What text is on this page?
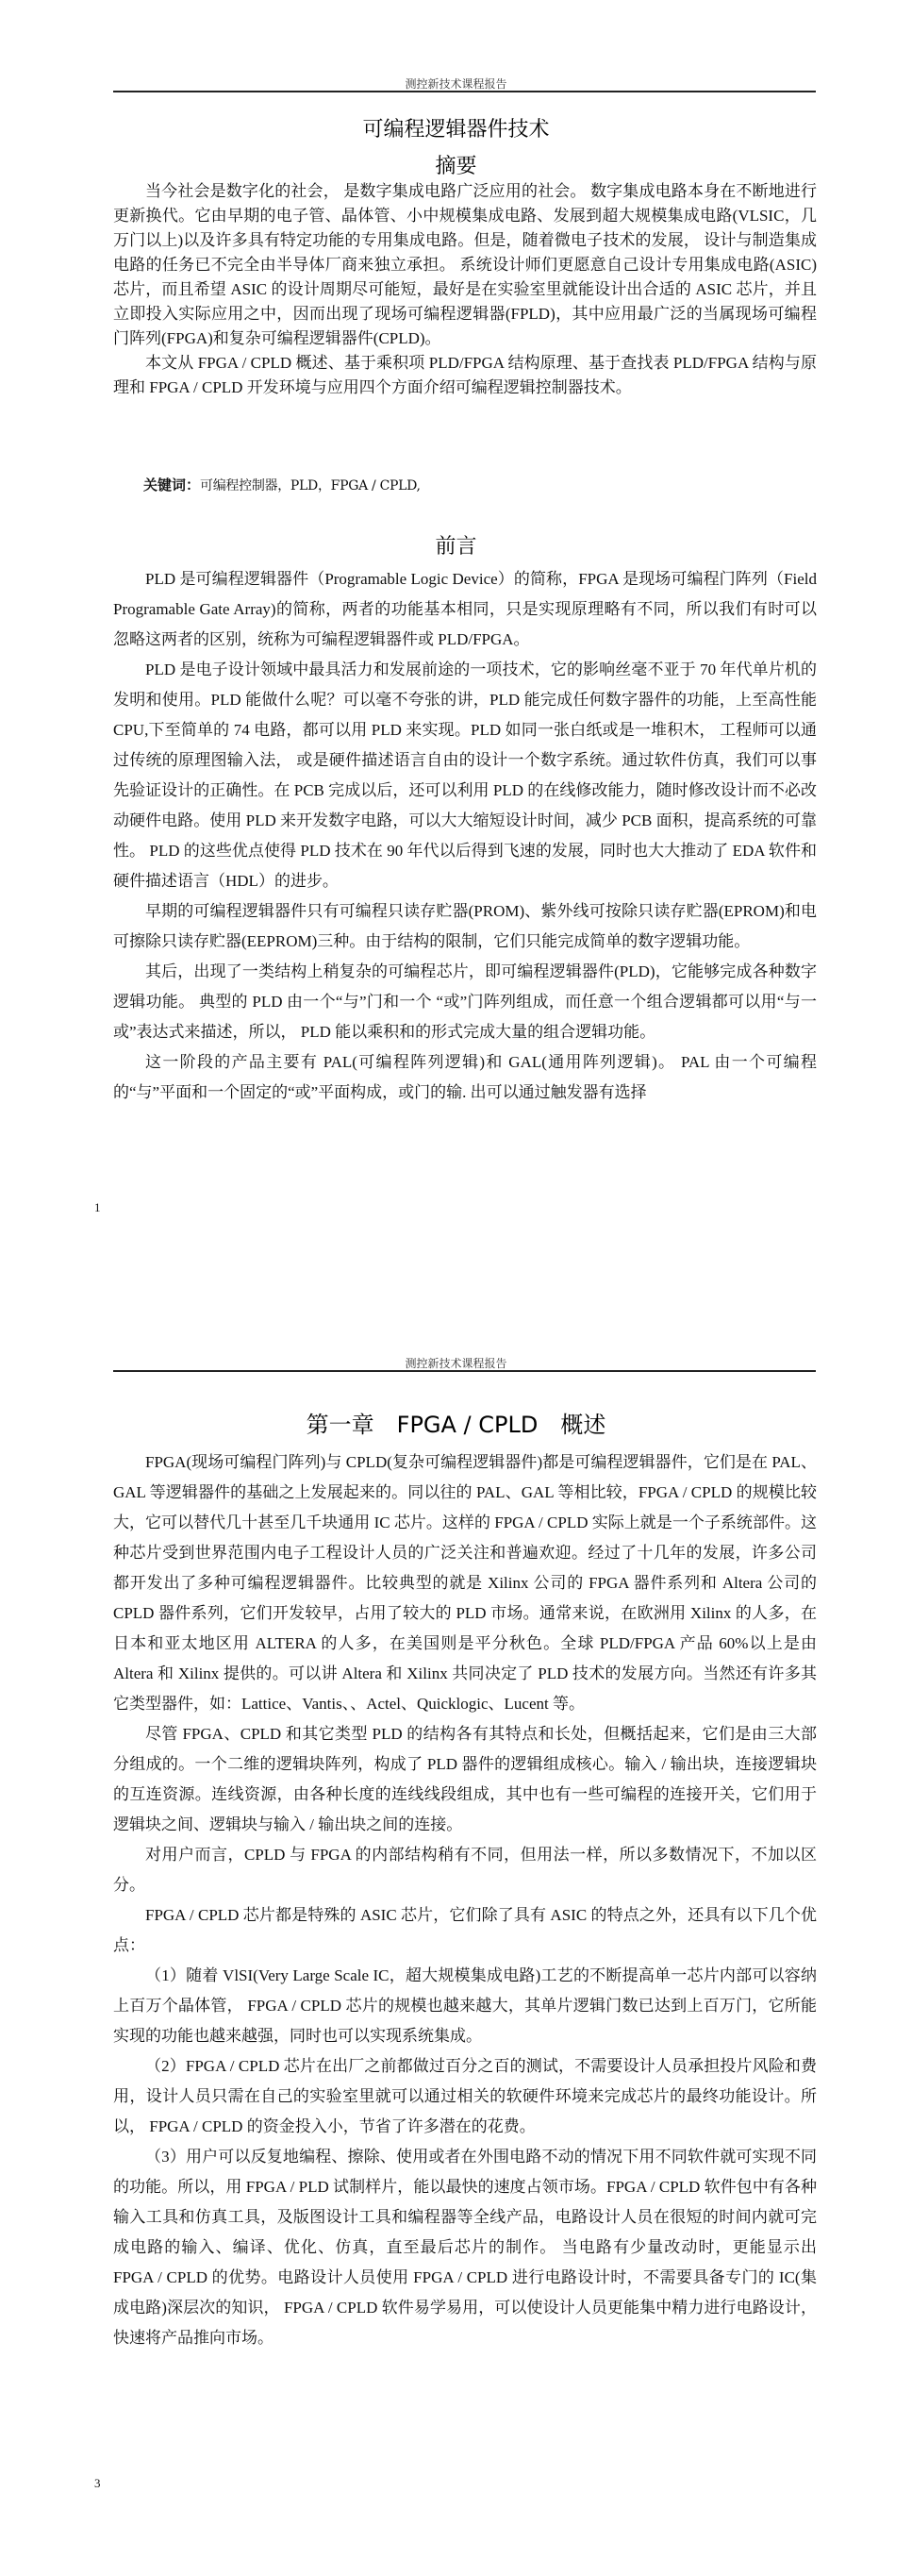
测控新技术课程报告
可编程逻辑器件技术
摘要

当今社会是数字化的社会， 是数字集成电路广泛应用的社会。 数字集成电路本身在不断地进行更新换代。它由早期的电子管、晶体管、小中规模集成电路、发展到超大规模集成电路(VLSIC，几万门以上)以及许多具有特定功能的专用集成电路。但是，随着微电子技术的发展， 设计与制造集成电路的任务已不完全由半导体厂商来独立承担。 系统设计师们更愿意自己设计专用集成电路(ASIC)芯片，而且希望 ASIC 的设计周期尽可能短，最好是在实验室里就能设计出合适的 ASIC 芯片，并且立即投入实际应用之中，因而出现了现场可编程逻辑器(FPLD)，其中应用最广泛的当属现场可编程门阵列(FPGA)和复杂可编程逻辑器件(CPLD)。

本文从 FPGA / CPLD 概述、基于乘积项 PLD/FPGA 结构原理、基于查找表 PLD/FPGA 结构与原理和 FPGA / CPLD 开发环境与应用四个方面介绍可编程逻辑控制器技术。

关键词：可编程控制器，PLD，FPGA / CPLD,
前言

PLD 是可编程逻辑器件（Programable Logic Device）的简称，FPGA 是现场可编程门阵列（Field Programable Gate Array)的简称，两者的功能基本相同，只是实现原理略有不同，所以我们有时可以忽略这两者的区别，统称为可编程逻辑器件或 PLD/FPGA。

PLD 是电子设计领域中最具活力和发展前途的一项技术，它的影响丝毫不亚于 70 年代单片机的发明和使用。PLD 能做什么呢？可以毫不夸张的讲，PLD 能完成任何数字器件的功能，上至高性能 CPU,下至简单的 74 电路，都可以用 PLD 来实现。PLD 如同一张白纸或是一堆积木， 工程师可以通过传统的原理图输入法， 或是硬件描述语言自由的设计一个数字系统。通过软件仿真，我们可以事先验证设计的正确性。在 PCB 完成以后，还可以利用 PLD 的在线修改能力，随时修改设计而不必改动硬件电路。使用 PLD 来开发数字电路，可以大大缩短设计时间，减少 PCB 面积，提高系统的可靠性。 PLD 的这些优点使得 PLD 技术在 90 年代以后得到飞速的发展，同时也大大推动了 EDA 软件和硬件描述语言（HDL）的进步。

早期的可编程逻辑器件只有可编程只读存贮器(PROM)、紫外线可按除只读存贮器(EPROM)和电可擦除只读存贮器(EEPROM)三种。由于结构的限制，它们只能完成简单的数字逻辑功能。

其后，出现了一类结构上稍复杂的可编程芯片，即可编程逻辑器件(PLD)，它能够完成各种数字逻辑功能。 典型的 PLD 由一个“与”门和一个 “或”门阵列组成，而任意一个组合逻辑都可以用“与一或”表达式来描述，所以， PLD 能以乘积和的形式完成大量的组合逻辑功能。

这一阶段的产品主要有 PAL(可编程阵列逻辑)和 GAL(通用阵列逻辑)。 PAL 由一个可编程的“与”平面和一个固定的“或”平面构成，或门的输. 出可以通过触发器有选择

1
测控新技术课程报告
第一章　FPGA / CPLD　概述

FPGA(现场可编程门阵列)与 CPLD(复杂可编程逻辑器件)都是可编程逻辑器件，它们是在 PAL、GAL 等逻辑器件的基础之上发展起来的。同以往的 PAL、GAL 等相比较，FPGA / CPLD 的规模比较大，它可以替代几十甚至几千块通用 IC 芯片。这样的 FPGA / CPLD 实际上就是一个子系统部件。这种芯片受到世界范围内电子工程设计人员的广泛关注和普遍欢迎。经过了十几年的发展，许多公司都开发出了多种可编程逻辑器件。比较典型的就是 Xilinx 公司的 FPGA 器件系列和 Altera 公司的 CPLD 器件系列，它们开发较早，占用了较大的 PLD 市场。通常来说，在欧洲用 Xilinx 的人多，在日本和亚太地区用 ALTERA 的人多，在美国则是平分秋色。全球 PLD/FPGA 产品 60%以上是由 Altera 和 Xilinx 提供的。可以讲 Altera 和 Xilinx 共同决定了 PLD 技术的发展方向。当然还有许多其它类型器件，如：Lattice、Vantis、、Actel、Quicklogic、Lucent 等。

尽管 FPGA、CPLD 和其它类型 PLD 的结构各有其特点和长处，但概括起来，它们是由三大部分组成的。一个二维的逻辑块阵列，构成了 PLD 器件的逻辑组成核心。输入 / 输出块，连接逻辑块的互连资源。连线资源，由各种长度的连线线段组成，其中也有一些可编程的连接开关，它们用于逻辑块之间、逻辑块与输入 / 输出块之间的连接。

对用户而言，CPLD 与 FPGA 的内部结构稍有不同，但用法一样，所以多数情况下，不加以区分。

FPGA / CPLD 芯片都是特殊的 ASIC 芯片，它们除了具有 ASIC 的特点之外，还具有以下几个优点：

（1）随着 VlSI(Very Large Scale IC，超大规模集成电路)工艺的不断提高单一芯片内部可以容纳上百万个晶体管， FPGA / CPLD 芯片的规模也越来越大，其单片逻辑门数已达到上百万门，它所能实现的功能也越来越强，同时也可以实现系统集成。

（2）FPGA / CPLD 芯片在出厂之前都做过百分之百的测试，不需要设计人员承担投片风险和费用，设计人员只需在自己的实验室里就可以通过相关的软硬件环境来完成芯片的最终功能设计。所以， FPGA / CPLD 的资金投入小，节省了许多潜在的花费。

（3）用户可以反复地编程、擦除、使用或者在外围电路不动的情况下用不同软件就可实现不同的功能。所以，用 FPGA / PLD 试制样片，能以最快的速度占领市场。FPGA / CPLD 软件包中有各种输入工具和仿真工具，及版图设计工具和编程器等全线产品，电路设计人员在很短的时间内就可完成电路的输入、编译、优化、仿真，直至最后芯片的制作。 当电路有少量改动时，更能显示出 FPGA / CPLD 的优势。电路设计人员使用 FPGA / CPLD 进行电路设计时，不需要具备专门的 IC(集成电路)深层次的知识， FPGA / CPLD 软件易学易用，可以使设计人员更能集中精力进行电路设计，快速将产品推向市场。

3
